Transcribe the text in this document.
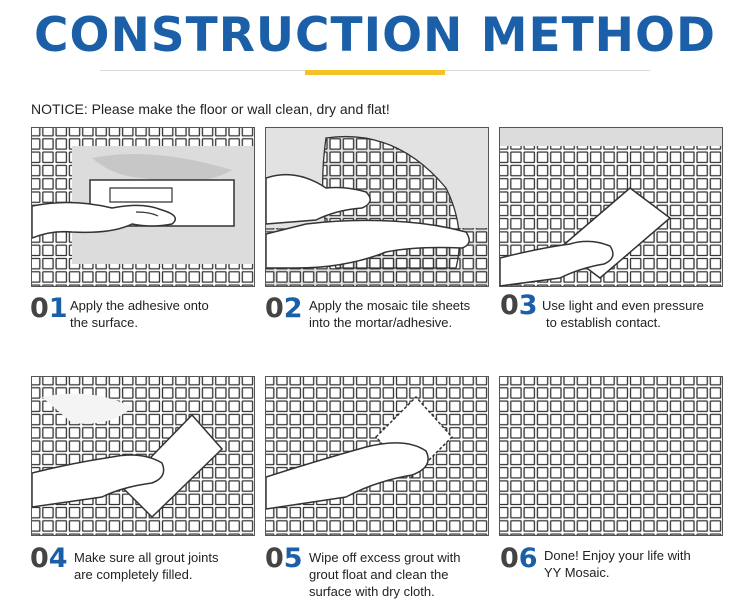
CONSTRUCTION METHOD
NOTICE: Please make the floor or wall clean, dry and flat!
01 Apply the adhesive onto
the surface.	02 Apply the mosaic tile sheets
into the mortar/adhesive.
03 Use light and even pressure
to establish contact.
04 Make sure all grout joints
are completely filled.
05 Wipe off excess grout with
grout float and clean the
surface with dry cloth.
06 Done! Enjoy your life with
YY Mosaic.
